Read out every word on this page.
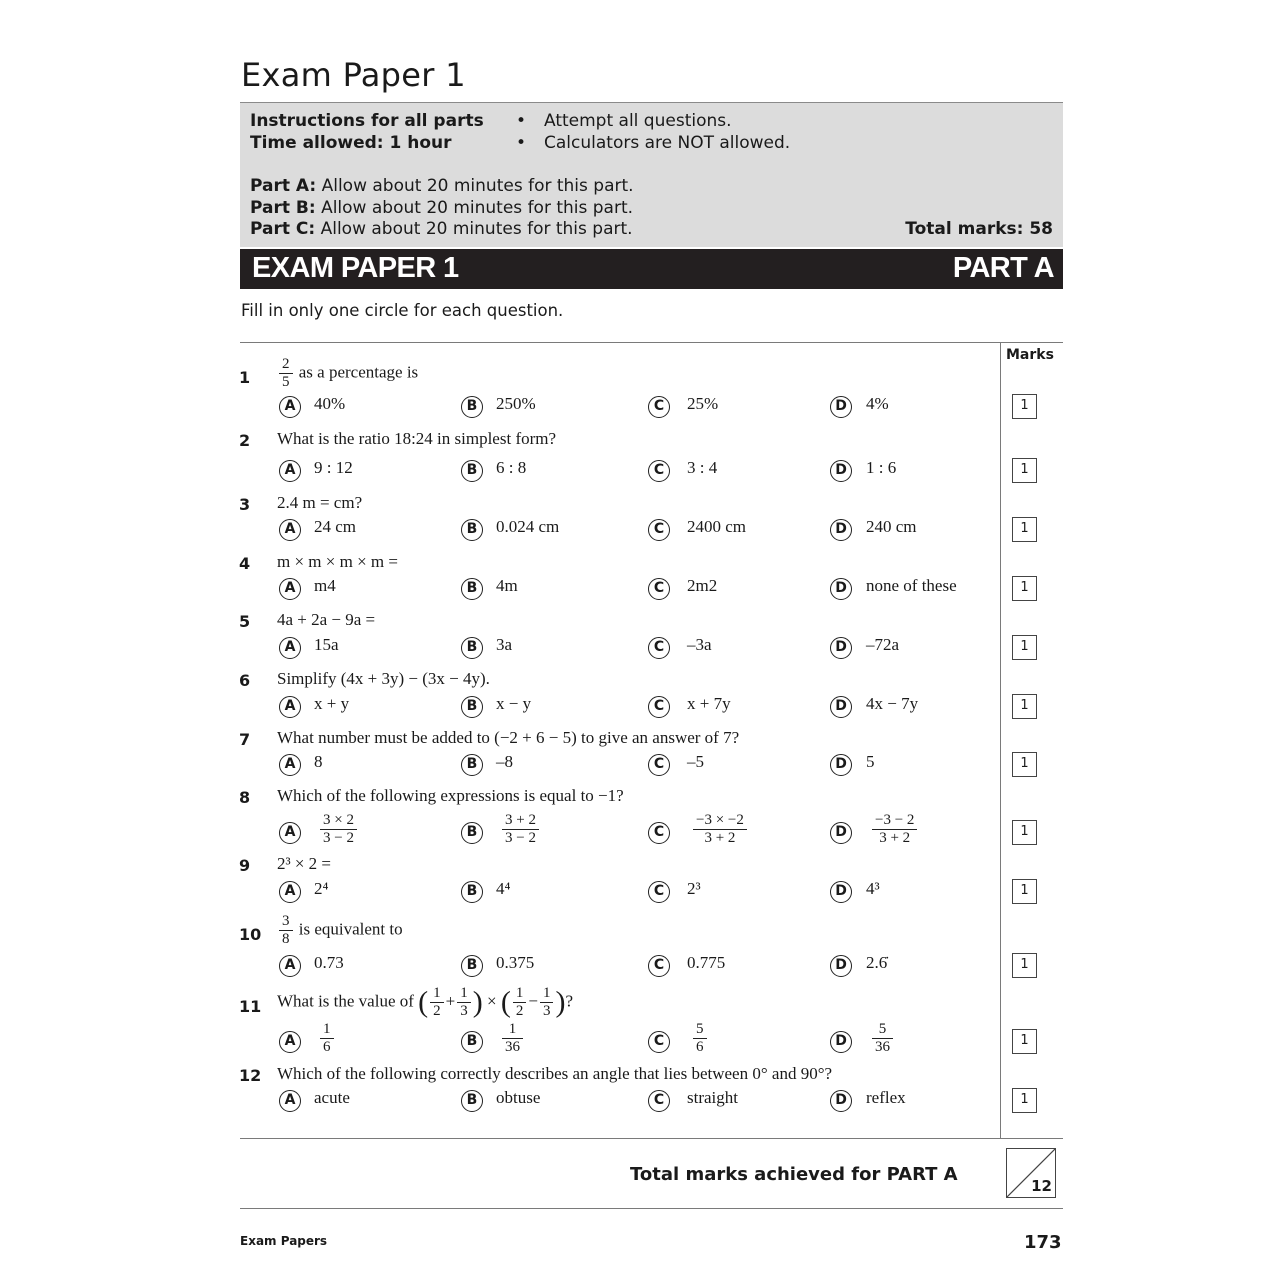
Exam Paper 1
Instructions for all parts
Time allowed: 1 hour
• Attempt all questions.
• Calculators are NOT allowed.
Part A: Allow about 20 minutes for this part.
Part B: Allow about 20 minutes for this part.
Part C: Allow about 20 minutes for this part.	Total marks: 58
EXAM PAPER 1	PART A
Fill in only one circle for each question.
Marks
$1 \frac{2}{5}$ as a percentage is
A	40%	B	250%	C	25%	D	4%	1
2 What is the ratio 18:24 in simplest form?
A	9 : 12	B	6 : 8	C	3 : 4	D	1 : 6	1
3 2.4 m = cm?
A	24 cm	B	0.024 cm	C	2400 cm	D	240 cm	1
4 m × m × m × m =
A	m4	B	4m	C	2m2	D	none of these	1
5 4a + 2a − 9a =
A	15a	B	3a	C	–3a	D	–72a	1
6 Simplify (4x + 3y) − (3x − 4y).
A	x + y	B	x − y	C	x + 7y	D	4x − 7y	1
7 What number must be added to (−2 + 6 − 5) to give an answer of 7?
A	8	B	–8	C	–5	D	5	1
8 Which of the following expressions is equal to −1?
A	$\frac{3 \times 2}{3 - 2}$	B	$\frac{3 + 2}{3 - 2}$	C	$\frac{-3 \times -2}{3 + 2}$	D	$\frac{-3 - 2}{3 + 2}$	1
9 2³ × 2 =
A	2⁴	B	4⁴	C	2³	D	4³	1
$10 \frac{3}{8}$ is equivalent to
A	0.73	B	0.375	C	0.775	D	2.6̇	1
11 What is the value of ( $\frac{1}{2} + \frac{1}{3}$ ) × ( $\frac{1}{2} - \frac{1}{3}$ )?
A	$\frac{1}{6}$	B	$\frac{1}{36}$	C	$\frac{5}{6}$	D	$\frac{5}{36}$	1
12 Which of the following correctly describes an angle that lies between 0° and 90°?
A	acute	B	obtuse	C	straight	D	reflex	1
Total marks achieved for PART A
12
Exam Papers	173
